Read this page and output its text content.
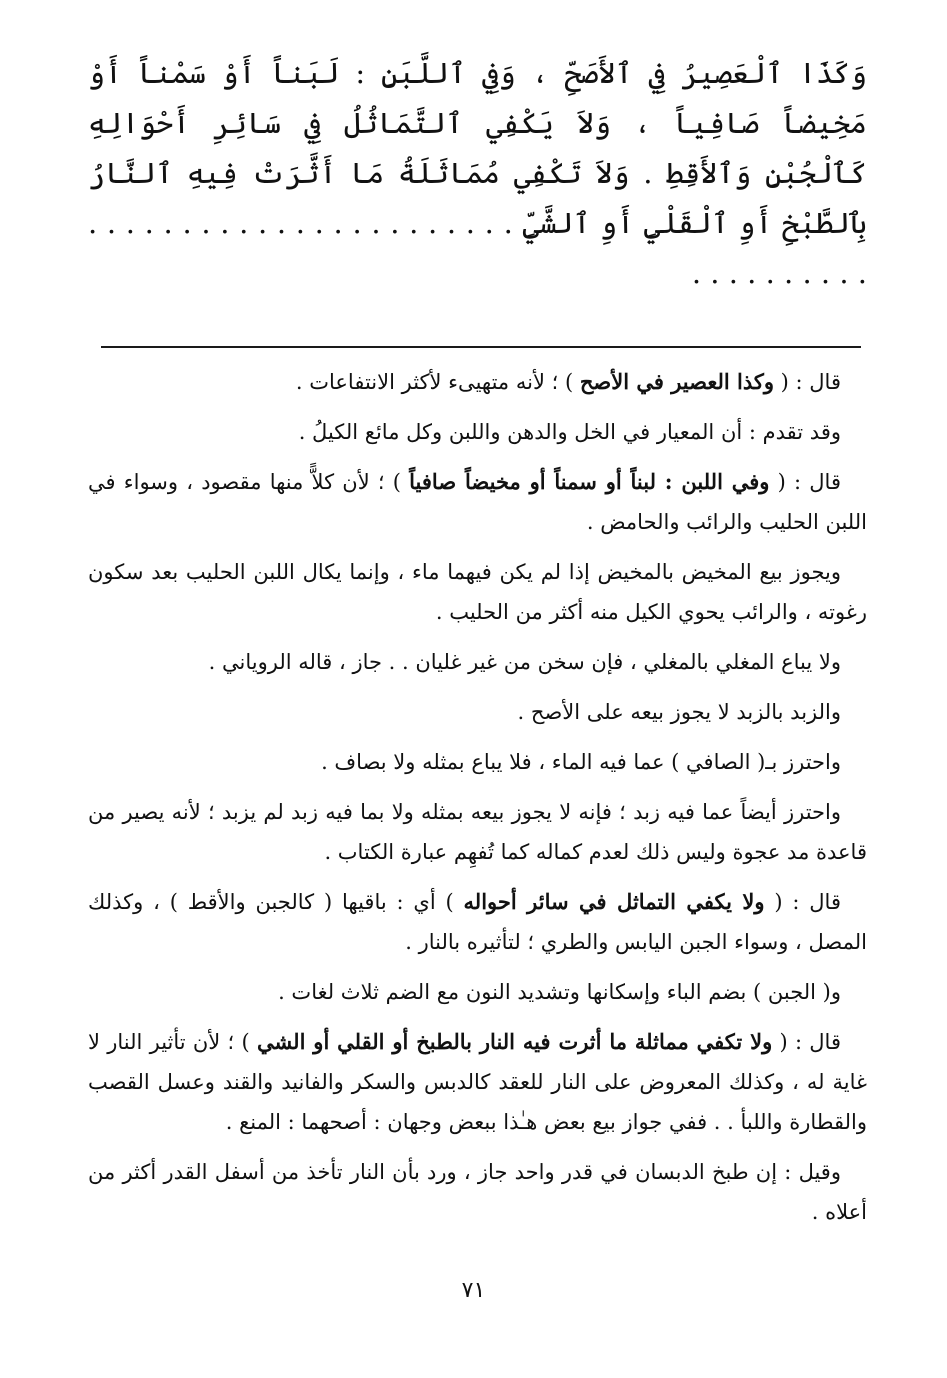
وَكَذَا ٱلْعَصِيرُ فِي ٱلأَصَحِّ ، وَفِي ٱللَّبَنِ : لَبَناً أَوْ سَمْناً أَوْ مَخِيضاً صَافِياً ، وَلاَ يَكْفِي ٱلتَّمَاثُلُ فِي سَائِرِ أَحْوَالِهِ كَٱلْجُبْنِ وَٱلأَقِطِ . وَلاَ تَكْفِي مُمَاثَلَةُ مَا أَثَّرَتْ فِيهِ ٱلنَّارُ بِٱلطَّبْخِ أَوِ ٱلْقَلْيِ أَوِ ٱلشَّيِّ . . . . . . . . . . . . . . . . . . . . . . . . . . . . . . . . .

قال : ( وكذا العصير في الأصح ) ؛ لأنه متهيىء لأكثر الانتفاعات .

وقد تقدم : أن المعيار في الخل والدهن واللبن وكل مائع الكيلُ .

قال : ( وفي اللبن : لبناً أو سمناً أو مخيضاً صافياً ) ؛ لأن كلاًّ منها مقصود ، وسواء في اللبن الحليب والرائب والحامض .

ويجوز بيع المخيض بالمخيض إذا لم يكن فيهما ماء ، وإنما يكال اللبن الحليب بعد سكون رغوته ، والرائب يحوي الكيل منه أكثر من الحليب .

ولا يباع المغلي بالمغلي ، فإن سخن من غير غليان . . جاز ، قاله الروياني .

والزبد بالزبد لا يجوز بيعه على الأصح .

واحترز بـ( الصافي ) عما فيه الماء ، فلا يباع بمثله ولا بصاف .

واحترز أيضاً عما فيه زبد ؛ فإنه لا يجوز بيعه بمثله ولا بما فيه زبد لم يزبد ؛ لأنه يصير من قاعدة مد عجوة وليس ذلك لعدم كماله كما تُفهِم عبارة الكتاب .

قال : ( ولا يكفي التماثل في سائر أحواله ) أي : باقيها ( كالجبن والأقط ) ، وكذلك المصل ، وسواء الجبن اليابس والطري ؛ لتأثيره بالنار .

و( الجبن ) بضم الباء وإسكانها وتشديد النون مع الضم ثلاث لغات .

قال : ( ولا تكفي مماثلة ما أثرت فيه النار بالطبخ أو القلي أو الشي ) ؛ لأن تأثير النار لا غاية له ، وكذلك المعروض على النار للعقد كالدبس والسكر والفانيد والقند وعسل القصب والقطارة واللبأ . . ففي جواز بيع بعض هـٰذا ببعض وجهان : أصحهما : المنع .

وقيل : إن طبخ الدبسان في قدر واحد جاز ، ورد بأن النار تأخذ من أسفل القدر أكثر من أعلاه .

٧١
